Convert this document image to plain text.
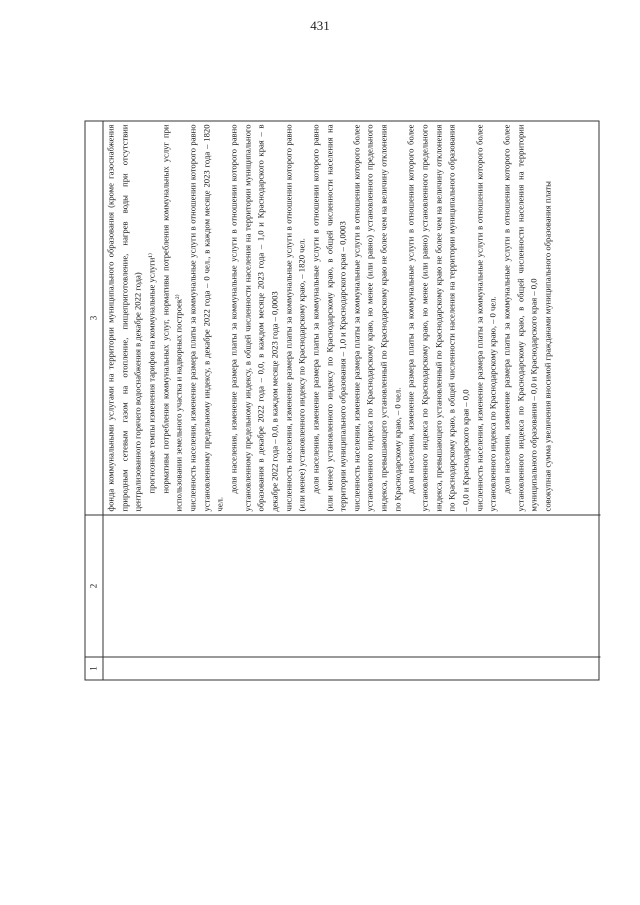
431
1
2
3 фонда коммунальными услугами на территории муниципального образования (кроме газоснабжения природным сетевым газом на отопление, пищеприготовление, нагрев воды при отсутствии централизованного горячего водоснабжения в декабре 2022 года) прогнозные темпы изменения тарифов на коммунальные услуги¹⁾ нормативы потребления коммунальных услуг, нормативы потребления коммунальных услуг при использовании земельного участка и надворных построек²⁾ численность населения, изменение размера платы за коммунальные услуги в отношении которого равно установленному предельному индексу, в декабре 2022 года – 0 чел., в каждом месяце 2023 года – 1820 чел.

доля населения, изменение размера платы за коммунальные услуги в отношении которого равно установленному предельному индексу, в общей численности населения на территории муниципального образования в декабре 2022 года – 0,0, в каждом месяце 2023 года – 1,0 и Краснодарского края – в декабре 2022 года – 0,0, в каждом месяце 2023 года – 0,0003 численность населения, изменение размера платы за коммунальные услуги в отношении которого равно (или менее) установленного индексу по Краснодарскому краю, – 1820 чел. доля населения, изменение размера платы за коммунальные услуги в отношении которого равно (или менее) установленного индексу по Краснодарскому краю, в общей численности населения на территории муниципального образования – 1,0 и Краснодарского края – 0,0003 численность населения, изменение размера платы за коммунальные услуги в отношении которого более установленного индекса по Краснодарскому краю, но менее (или равно) установленного предельного индекса, превышающего установленный по Краснодарскому краю не более чем на величину отклонения по Краснодарскому краю, – 0 чел. доля населения, изменение размера платы за коммунальные услуги в отношении которого более установленного индекса по Краснодарскому краю, но менее (или равно) установленного предельного индекса, превышающего установленный по Краснодарскому краю не более чем на величину отклонения по Краснодарскому краю, в общей численности населения на территории муниципального образования – 0,0 и Краснодарского края – 0,0 численность населения, изменение размера платы за коммунальные услуги в отношении которого более установленного индекса по Краснодарскому краю, – 0 чел. доля населения, изменение размера платы за коммунальные услуги в отношении которого более установленного индекса по Краснодарскому краю, в общей численности населения на территории муниципального образования – 0,0 и Краснодарского края – 0,0 совокупная сумма увеличения вносимой гражданами муниципального образования платы
